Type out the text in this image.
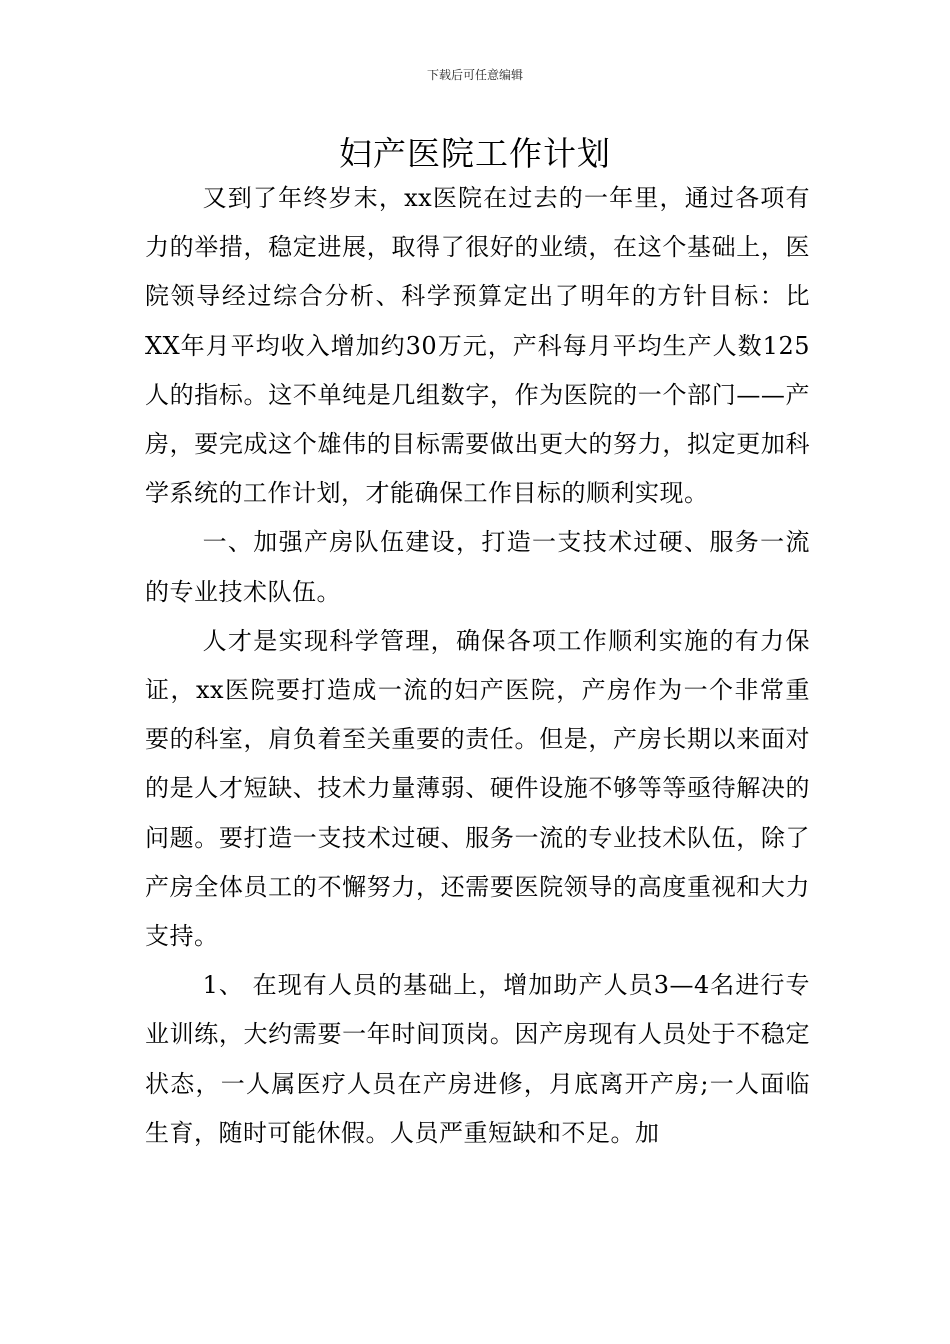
下载后可任意编辑
妇产医院工作计划

又到了年终岁末，xx医院在过去的一年里，通过各项有力的举措，稳定进展，取得了很好的业绩，在这个基础上，医院领导经过综合分析、科学预算定出了明年的方针目标：比XX年月平均收入增加约30万元，产科每月平均生产人数125人的指标。这不单纯是几组数字，作为医院的一个部门——产房，要完成这个雄伟的目标需要做出更大的努力，拟定更加科学系统的工作计划，才能确保工作目标的顺利实现。

一、加强产房队伍建设，打造一支技术过硬、服务一流的专业技术队伍。

人才是实现科学管理，确保各项工作顺利实施的有力保证，xx医院要打造成一流的妇产医院，产房作为一个非常重要的科室，肩负着至关重要的责任。但是，产房长期以来面对的是人才短缺、技术力量薄弱、硬件设施不够等等亟待解决的问题。要打造一支技术过硬、服务一流的专业技术队伍，除了产房全体员工的不懈努力，还需要医院领导的高度重视和大力支持。

1、 在现有人员的基础上，增加助产人员3—4名进行专业训练，大约需要一年时间顶岗。因产房现有人员处于不稳定状态，一人属医疗人员在产房进修，月底离开产房;一人面临生育，随时可能休假。人员严重短缺和不足。加
